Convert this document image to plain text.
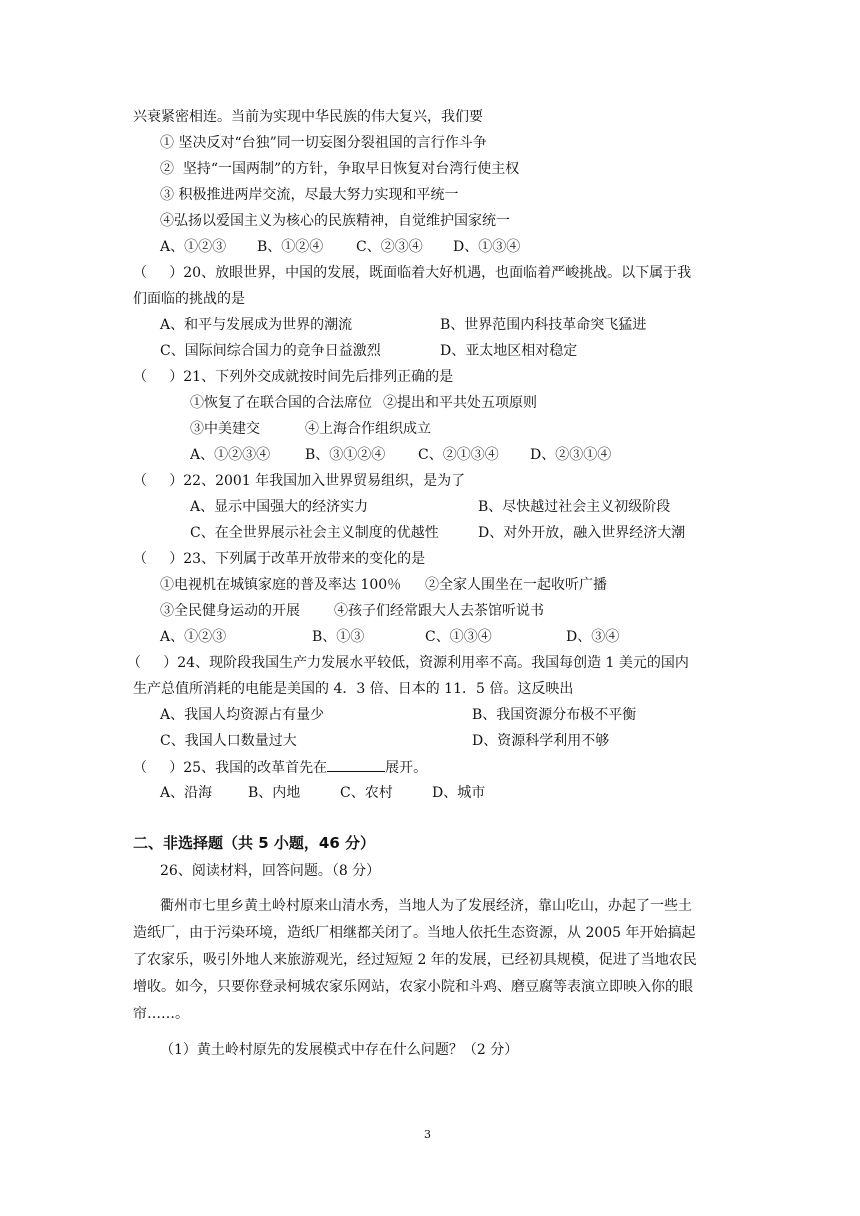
兴衰紧密相连。当前为实现中华民族的伟大复兴，我们要
① 坚决反对“台独”同一切妄图分裂祖国的言行作斗争
②  坚持“一国两制”的方针，争取早日恢复对台湾行使主权
③ 积极推进两岸交流，尽最大努力实现和平统一
④弘扬以爱国主义为核心的民族精神，自觉维护国家统一
A、①②③ B、①②④ C、②③④ D、①③④
（     ）20、放眼世界，中国的发展，既面临着大好机遇，也面临着严峻挑战。以下属于我
们面临的挑战的是
A、和平与发展成为世界的潮流	B、世界范围内科技革命突飞猛进
C、国际间综合国力的竞争日益激烈	D、亚太地区相对稳定
（     ）21、下列外交成就按时间先后排列正确的是
①恢复了在联合国的合法席位 ②提出和平共处五项原则
③中美建交	④上海合作组织成立
A、①②③④ B、③①②④ C、②①③④ D、②③①④
（     ）22、2001 年我国加入世界贸易组织，是为了
A、显示中国强大的经济实力	B、尽快越过社会主义初级阶段
C、在全世界展示社会主义制度的优越性	D、对外开放，融入世界经济大潮
（     ）23、下列属于改革开放带来的变化的是
①电视机在城镇家庭的普及率达 100％ ②全家人围坐在一起收听广播
③全民健身运动的开展 ④孩子们经常跟大人去茶馆听说书
A、①②③	B、①③	C、①③④	D、③④
（     ）24、现阶段我国生产力发展水平较低，资源利用率不高。我国每创造 1 美元的国内
生产总值所消耗的电能是美国的 4．3 倍、日本的 11．5 倍。这反映出
A、我国人均资源占有量少	B、我国资源分布极不平衡
C、我国人口数量过大	D、资源科学利用不够
（     ）25、我国的改革首先在	展开。
A、沿海	B、内地	C、农村	D、城市
二、非选择题（共 5 小题，46 分）
26、阅读材料，回答问题。（8 分）
衢州市七里乡黄土岭村原来山清水秀，当地人为了发展经济，靠山吃山，办起了一些土
造纸厂，由于污染环境，造纸厂相继都关闭了。当地人依托生态资源，从 2005 年开始搞起
了农家乐，吸引外地人来旅游观光，经过短短 2 年的发展，已经初具规模，促进了当地农民
增收。如今，只要你登录柯城农家乐网站，农家小院和斗鸡、磨豆腐等表演立即映入你的眼
帘……。
（1）黄土岭村原先的发展模式中存在什么问题？（2 分）
3
